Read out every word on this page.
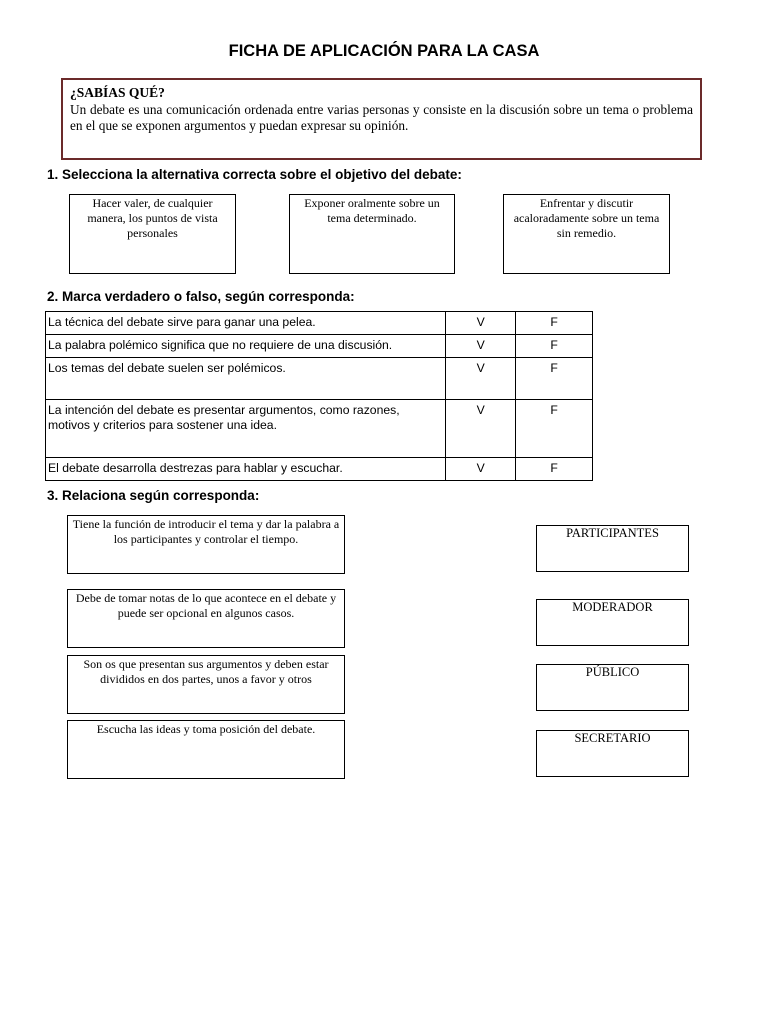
FICHA DE APLICACIÓN PARA LA CASA
¿SABÍAS QUÉ?
Un debate es una comunicación ordenada entre varias personas y consiste en la discusión sobre un tema o problema en el que se exponen argumentos y puedan expresar su opinión.
1. Selecciona la alternativa correcta sobre el objetivo del debate:
Hacer valer, de cualquier manera, los puntos de vista personales
Exponer oralmente sobre un tema determinado.
Enfrentar y discutir acaloradamente sobre un tema sin remedio.
2. Marca verdadero o falso, según corresponda:
La técnica del debate sirve para ganar una pelea.	V	F
La palabra polémico significa que no requiere de una discusión.	V	F
Los temas del debate suelen ser polémicos.	V	F
La intención del debate es presentar argumentos, como razones, motivos y criterios para sostener una idea.	V	F
El debate desarrolla destrezas para hablar y escuchar.	V	F
3. Relaciona según corresponda:
Tiene la función de introducir el tema y dar la palabra a los participantes y controlar el tiempo.
Debe de tomar notas de lo que acontece en el debate y puede ser opcional en algunos casos.
Son os que presentan sus argumentos y deben estar divididos en dos partes, unos a favor y otros
Escucha las ideas y toma posición del debate.
PARTICIPANTES
MODERADOR
PÚBLICO
SECRETARIO
